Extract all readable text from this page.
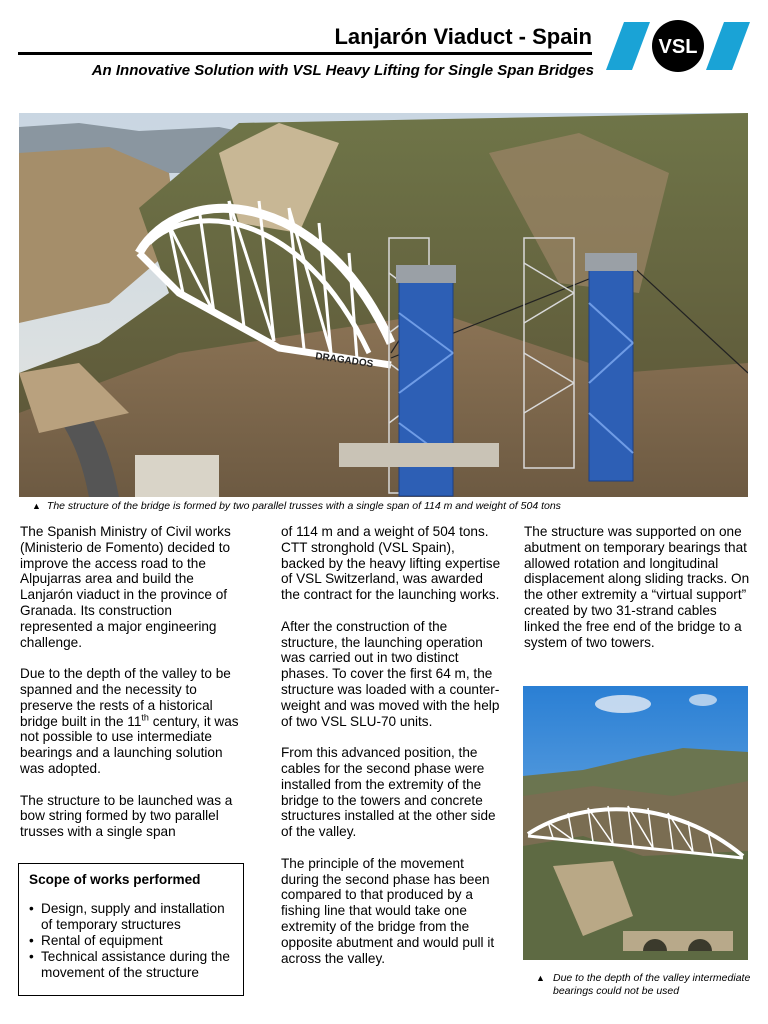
Lanjarón Viaduct - Spain
An Innovative Solution with VSL Heavy Lifting for Single Span Bridges
VSL
DRAGADOS
▲ The structure of the bridge is formed by two parallel trusses with a single span of 114 m and weight of 504 tons

The Spanish Ministry of Civil works (Ministerio de Fomento) decided to improve the access road to the Alpujarras area and build the Lanjarón viaduct in the province of Granada. Its construction represented a major engineering challenge.

Due to the depth of the valley to be spanned and the necessity to preserve the rests of a historical bridge built in the 11th century, it was not possible to use intermediate bearings and a launching solution was adopted.

The structure to be launched was a bow string formed by two parallel trusses with a single span

Scope of works performed
• Design, supply and installation of temporary structures
• Rental of equipment
• Technical assistance during the movement of the structure

of 114 m and a weight of 504 tons. CTT stronghold (VSL Spain), backed by the heavy lifting expertise of VSL Switzerland, was awarded the contract for the launching works.

After the construction of the structure, the launching operation was carried out in two distinct phases. To cover the first 64 m, the structure was loaded with a counter-weight and was moved with the help of two VSL SLU-70 units.

From this advanced position, the cables for the second phase were installed from the extremity of the bridge to the towers and concrete structures installed at the other side of the valley.

The principle of the movement during the second phase has been compared to that produced by a fishing line that would take one extremity of the bridge from the opposite abutment and would pull it across the valley.

The structure was supported on one abutment on temporary bearings that allowed rotation and longitudinal displacement along sliding tracks. On the other extremity a “virtual support” created by two 31-strand cables linked the free end of the bridge to a system of two towers.

▲ Due to the depth of the valley intermediate bearings could not be used
